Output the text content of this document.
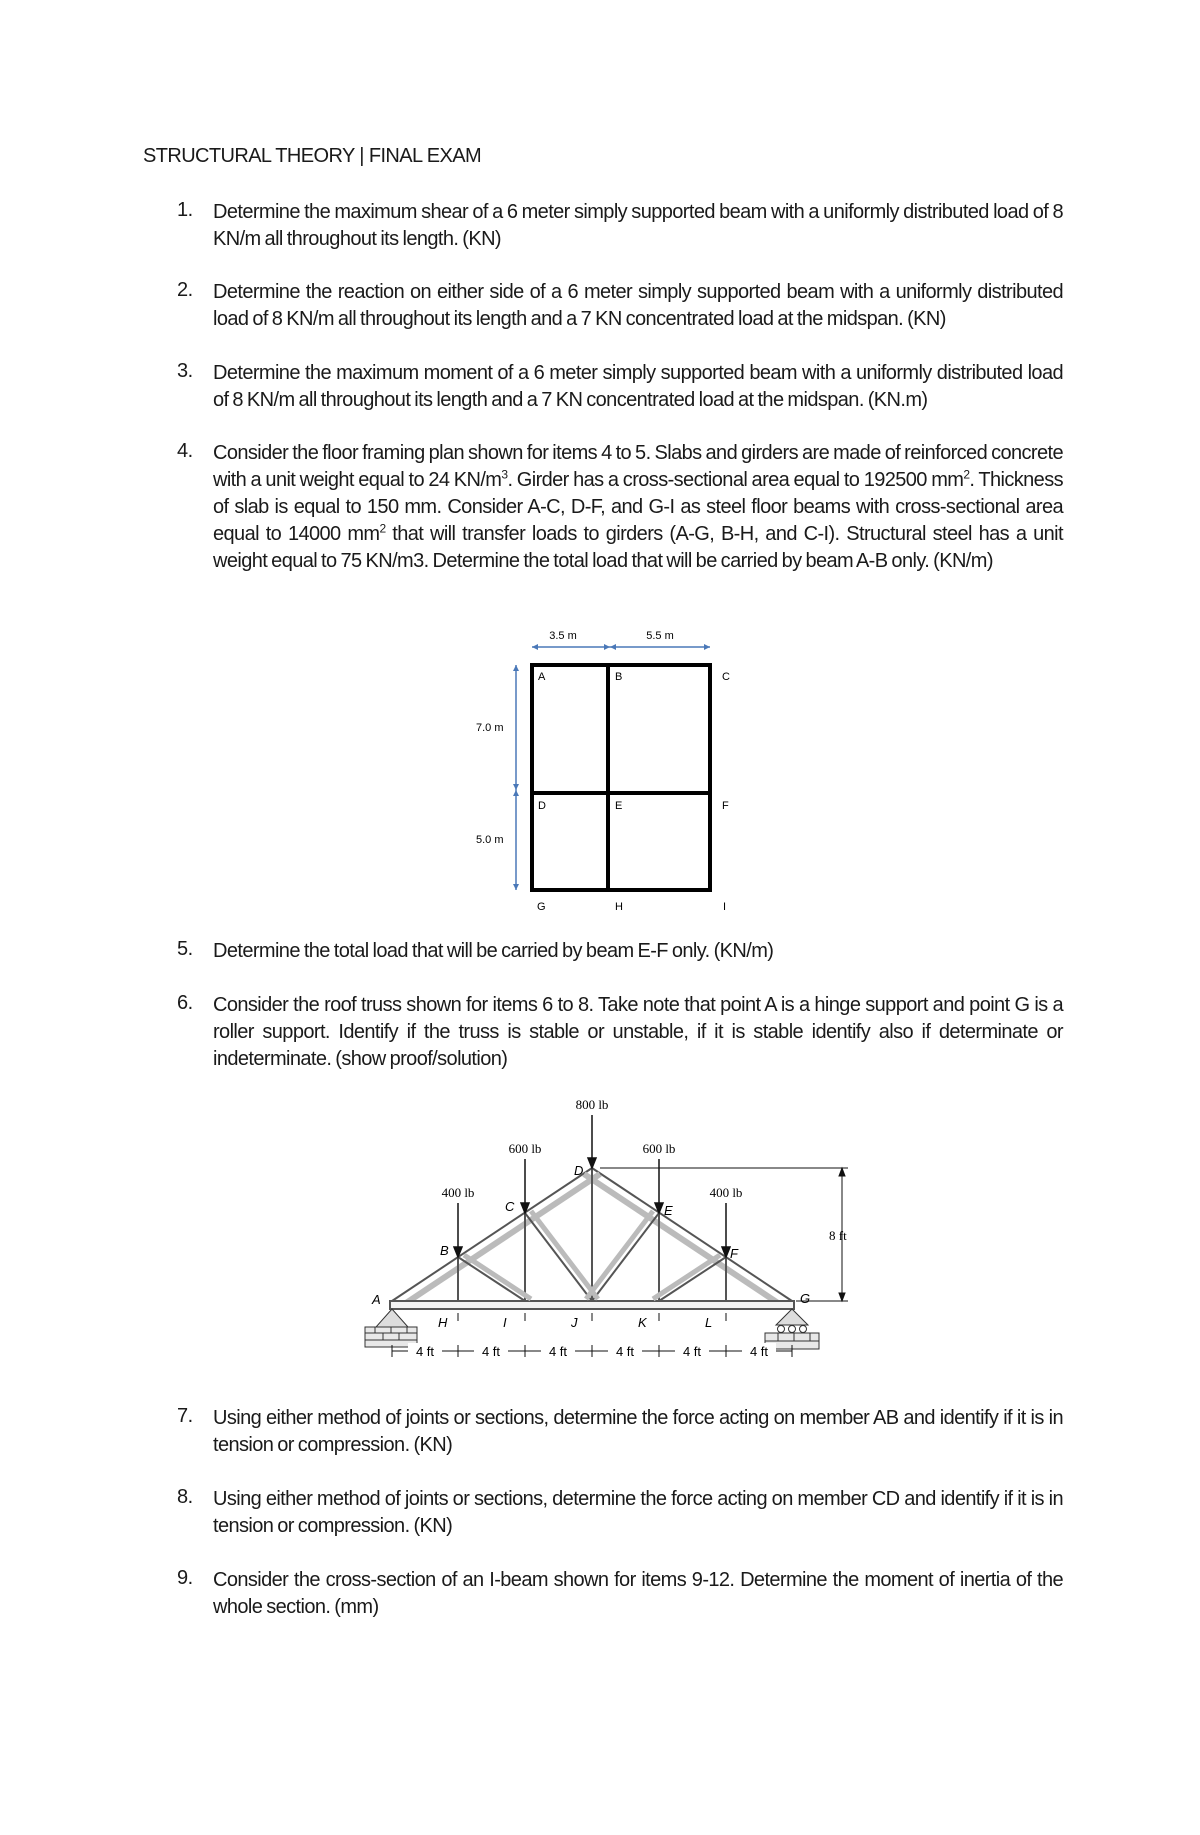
STRUCTURAL THEORY | FINAL EXAM
1. Determine the maximum shear of a 6 meter simply supported beam with a uniformly distributed load of 8 KN/m all throughout its length. (KN)
2. Determine the reaction on either side of a 6 meter simply supported beam with a uniformly distributed load of 8 KN/m all throughout its length and a 7 KN concentrated load at the midspan. (KN)
3. Determine the maximum moment of a 6 meter simply supported beam with a uniformly distributed load of 8 KN/m all throughout its length and a 7 KN concentrated load at the midspan. (KN.m)
4. Consider the floor framing plan shown for items 4 to 5. Slabs and girders are made of reinforced concrete with a unit weight equal to 24 $KN/m^3$. Girder has a cross-sectional area equal to 192500 $mm^2$. Thickness of slab is equal to 150 mm. Consider A-C, D-F, and G-I as steel floor beams with cross-sectional area equal to 14000 $mm^2$ that will transfer loads to girders (A-G, B-H, and C-I). Structural steel has a unit weight equal to 75 KN/m3. Determine the total load that will be carried by beam A-B only. (KN/m)
3.5 m	5.5 m
7.0 m
5.0 m
A	B	C
D	E	F
G	H	I
5. Determine the total load that will be carried by beam E-F only. (KN/m)
6. Consider the roof truss shown for items 6 to 8. Take note that point A is a hinge support and point G is a roller support. Identify if the truss is stable or unstable, if it is stable identify also if determinate or indeterminate. (show proof/solution)
800 lb
600 lb	600 lb
400 lb	400 lb
A
B
C
D
E
F
G
H	I	J	K	L
8 ft
4 ft	4 ft	4 ft	4 ft	4 ft	4 ft
7. Using either method of joints or sections, determine the force acting on member AB and identify if it is in tension or compression. (KN)
8. Using either method of joints or sections, determine the force acting on member CD and identify if it is in tension or compression. (KN)
9. Consider the cross-section of an I-beam shown for items 9-12. Determine the moment of inertia of the whole section. (mm)
